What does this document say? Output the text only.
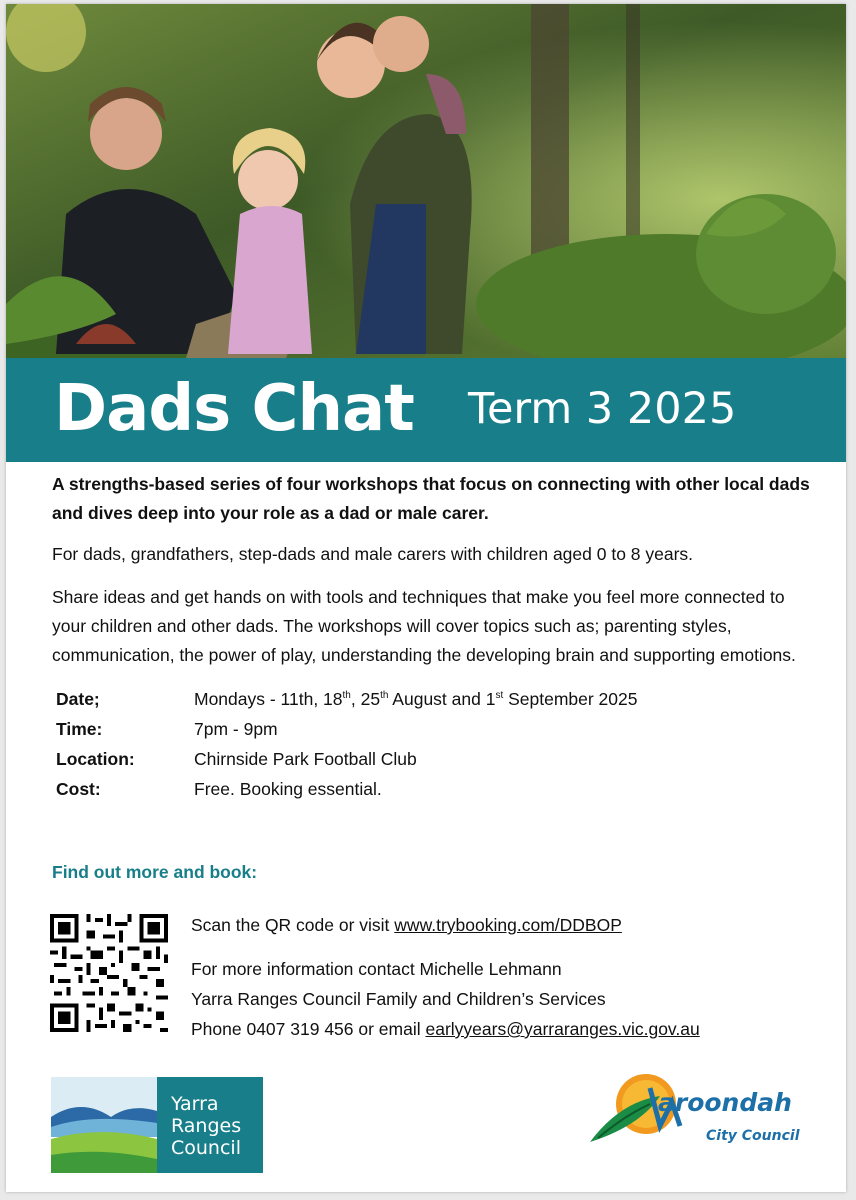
Dads Chat Term 3 2025

A strengths-based series of four workshops that focus on connecting with other local dads and dives deep into your role as a dad or male carer.

For dads, grandfathers, step-dads and male carers with children aged 0 to 8 years.

Share ideas and get hands on with tools and techniques that make you feel more connected to your children and other dads. The workshops will cover topics such as; parenting styles, communication, the power of play, understanding the developing brain and supporting emotions.

Date;	Mondays - 11th, 18th, 25th August and 1st September 2025
Time:	7pm - 9pm
Location:	Chirnside Park Football Club
Cost:	Free. Booking essential.
Find out more and book:
Scan the QR code or visit www.trybooking.com/DDBOP
For more information contact Michelle Lehmann
Yarra Ranges Council Family and Children’s Services
Phone 0407 319 456 or email earlyyears@yarraranges.vic.gov.au
Yarra
Ranges
Council
aroondah
City Council
